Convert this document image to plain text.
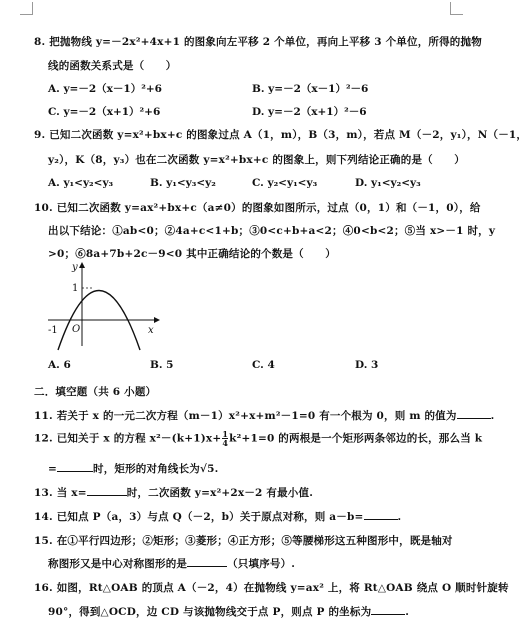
8. 把抛物线 y=－2x²+4x+1 的图象向左平移 2 个单位，再向上平移 3 个单位，所得的抛物
线的函数关系式是（　　）
A. y=－2（x－1）²+6	B. y=－2（x－1）²－6
C. y=－2（x+1）²+6	D. y=－2（x+1）²－6
9. 已知二次函数 y=x²+bx+c 的图象过点 A（1，m），B（3，m），若点 M（－2，y₁），N（－1，
y₂），K（8，y₃）也在二次函数 y=x²+bx+c 的图象上，则下列结论正确的是（　　）
A. y₁<y₂<y₃	B. y₁<y₃<y₂	C. y₂<y₁<y₃	D. y₁<y₂<y₃
10. 已知二次函数 y=ax²+bx+c（a≠0）的图象如图所示，过点（0，1）和（－1，0），给
出以下结论：①ab<0；②4a+c<1+b；③0<c+b+a<2；④0<b<2；⑤当 x>－1 时，y
>0；⑥8a+7b+2c－9<0 其中正确结论的个数是（　　）
y
x
O
1
-1
A. 6	B. 5	C. 4	D. 3
二．填空题（共 6 小题）
11. 若关于 x 的一元二次方程（m－1）x²+x+m²－1=0 有一个根为 0，则 m 的值为	.
12. 已知关于 x 的方程 $x^2-(k+1)x+ \frac{1}{4} k^2+1=0$ 的两根是一个矩形两条邻边的长，那么当 k
=	时，矩形的对角线长为√5.
13. 当 x=	时，二次函数 y=x²+2x－2 有最小值.
14. 已知点 P（a，3）与点 Q（－2，b）关于原点对称，则 a－b=	.
15. 在①平行四边形；②矩形；③菱形；④正方形；⑤等腰梯形这五种图形中，既是轴对
称图形又是中心对称图形的是	（只填序号）.
16. 如图，Rt△OAB 的顶点 A（－2，4）在抛物线 y=ax² 上，将 Rt△OAB 绕点 O 顺时针旋转
90°，得到△OCD，边 CD 与该抛物线交于点 P，则点 P 的坐标为	.
